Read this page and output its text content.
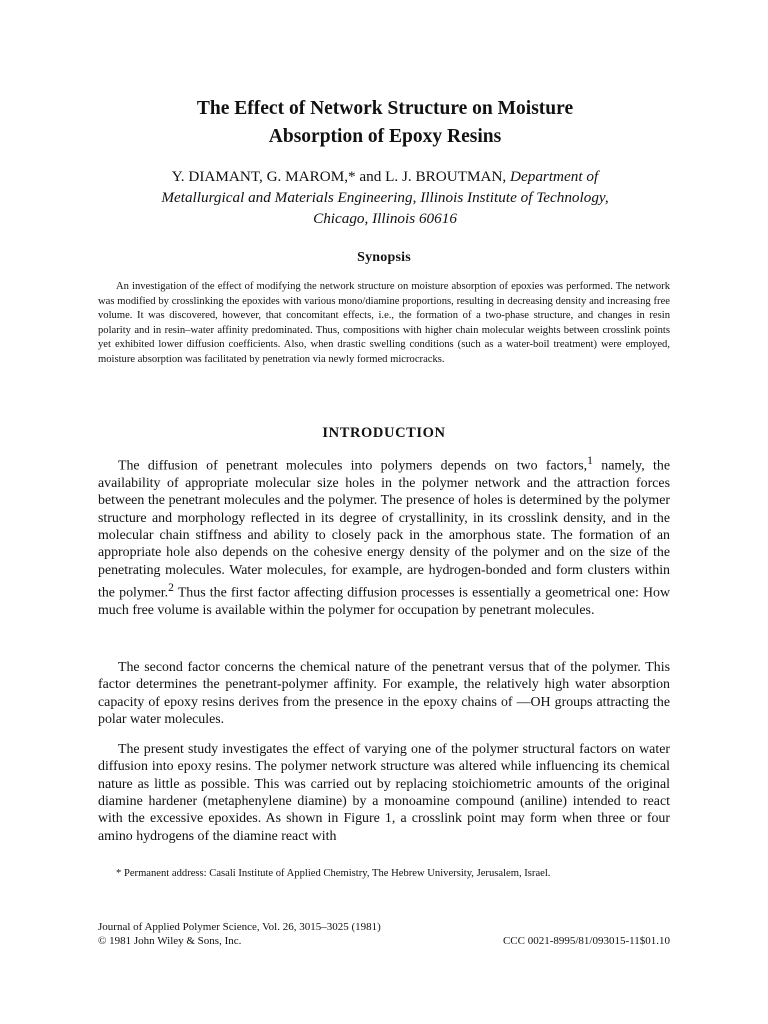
The Effect of Network Structure on Moisture
Absorption of Epoxy Resins
Y. DIAMANT, G. MAROM,* and L. J. BROUTMAN, Department of
Metallurgical and Materials Engineering, Illinois Institute of Technology,
Chicago, Illinois 60616
Synopsis

An investigation of the effect of modifying the network structure on moisture absorption of epoxies was performed. The network was modified by crosslinking the epoxides with various mono/diamine proportions, resulting in decreasing density and increasing free volume. It was discovered, however, that concomitant effects, i.e., the formation of a two-phase structure, and changes in resin polarity and in resin–water affinity predominated. Thus, compositions with higher chain molecular weights between crosslink points yet exhibited lower diffusion coefficients. Also, when drastic swelling conditions (such as a water-boil treatment) were employed, moisture absorption was facilitated by penetration via newly formed microcracks.

INTRODUCTION

The diffusion of penetrant molecules into polymers depends on two factors,$^1$ namely, the availability of appropriate molecular size holes in the polymer network and the attraction forces between the penetrant molecules and the polymer. The presence of holes is determined by the polymer structure and morphology reflected in its degree of crystallinity, in its crosslink density, and in the molecular chain stiffness and ability to closely pack in the amorphous state. The formation of an appropriate hole also depends on the cohesive energy density of the polymer and on the size of the penetrating molecules. Water molecules, for example, are hydrogen-bonded and form clusters within the polymer.$^2$ Thus the first factor affecting diffusion processes is essentially a geometrical one: How much free volume is available within the polymer for occupation by penetrant molecules.

The second factor concerns the chemical nature of the penetrant versus that of the polymer. This factor determines the penetrant-polymer affinity. For example, the relatively high water absorption capacity of epoxy resins derives from the presence in the epoxy chains of —OH groups attracting the polar water molecules.

The present study investigates the effect of varying one of the polymer structural factors on water diffusion into epoxy resins. The polymer network structure was altered while influencing its chemical nature as little as possible. This was carried out by replacing stoichiometric amounts of the original diamine hardener (metaphenylene diamine) by a monoamine compound (aniline) intended to react with the excessive epoxides. As shown in Figure 1, a crosslink point may form when three or four amino hydrogens of the diamine react with

* Permanent address: Casali Institute of Applied Chemistry, The Hebrew University, Jerusalem, Israel.

Journal of Applied Polymer Science, Vol. 26, 3015–3025 (1981)
© 1981 John Wiley & Sons, Inc.	CCC 0021-8995/81/093015-11$01.10
